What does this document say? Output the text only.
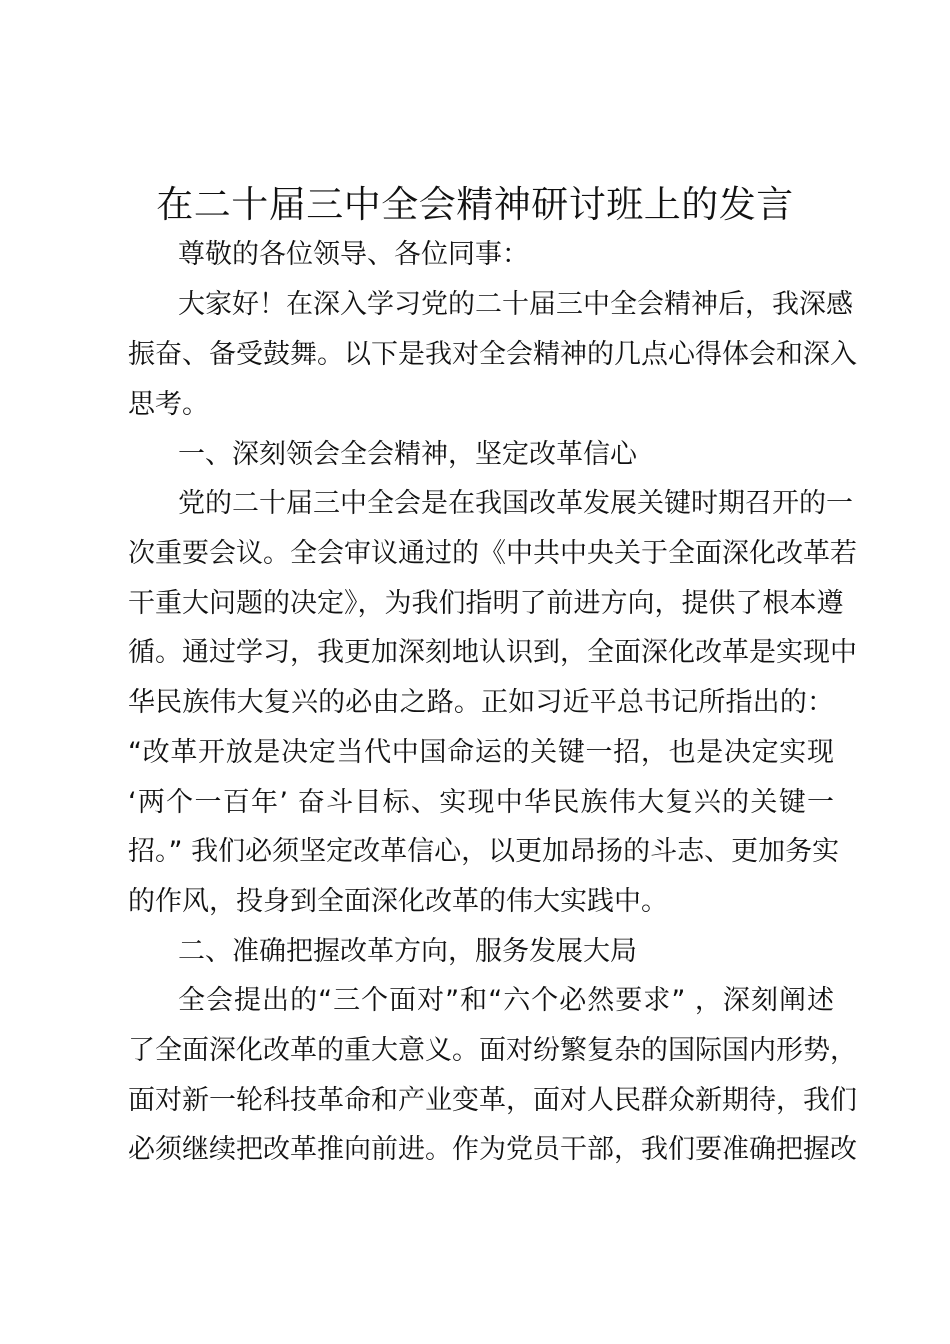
在二十届三中全会精神研讨班上的发言
尊敬的各位领导、各位同事：
大家好！在深入学习党的二十届三中全会精神后，我深感
振奋、备受鼓舞。以下是我对全会精神的几点心得体会和深入
思考。
一、深刻领会全会精神，坚定改革信心
党的二十届三中全会是在我国改革发展关键时期召开的一
次重要会议。全会审议通过的《中共中央关于全面深化改革若
干重大问题的决定》，为我们指明了前进方向，提供了根本遵
循。通过学习，我更加深刻地认识到，全面深化改革是实现中
华民族伟大复兴的必由之路。正如习近平总书记所指出的：
“改革开放是决定当代中国命运的关键一招，也是决定实现
‘两个一百年’ 奋斗目标、实现中华民族伟大复兴的关键一
招。” 我们必须坚定改革信心，以更加昂扬的斗志、更加务实
的作风，投身到全面深化改革的伟大实践中。
二、准确把握改革方向，服务发展大局
全会提出的“三个面对”和“六个必然要求” ，深刻阐述
了全面深化改革的重大意义。面对纷繁复杂的国际国内形势，
面对新一轮科技革命和产业变革，面对人民群众新期待，我们
必须继续把改革推向前进。作为党员干部，我们要准确把握改
